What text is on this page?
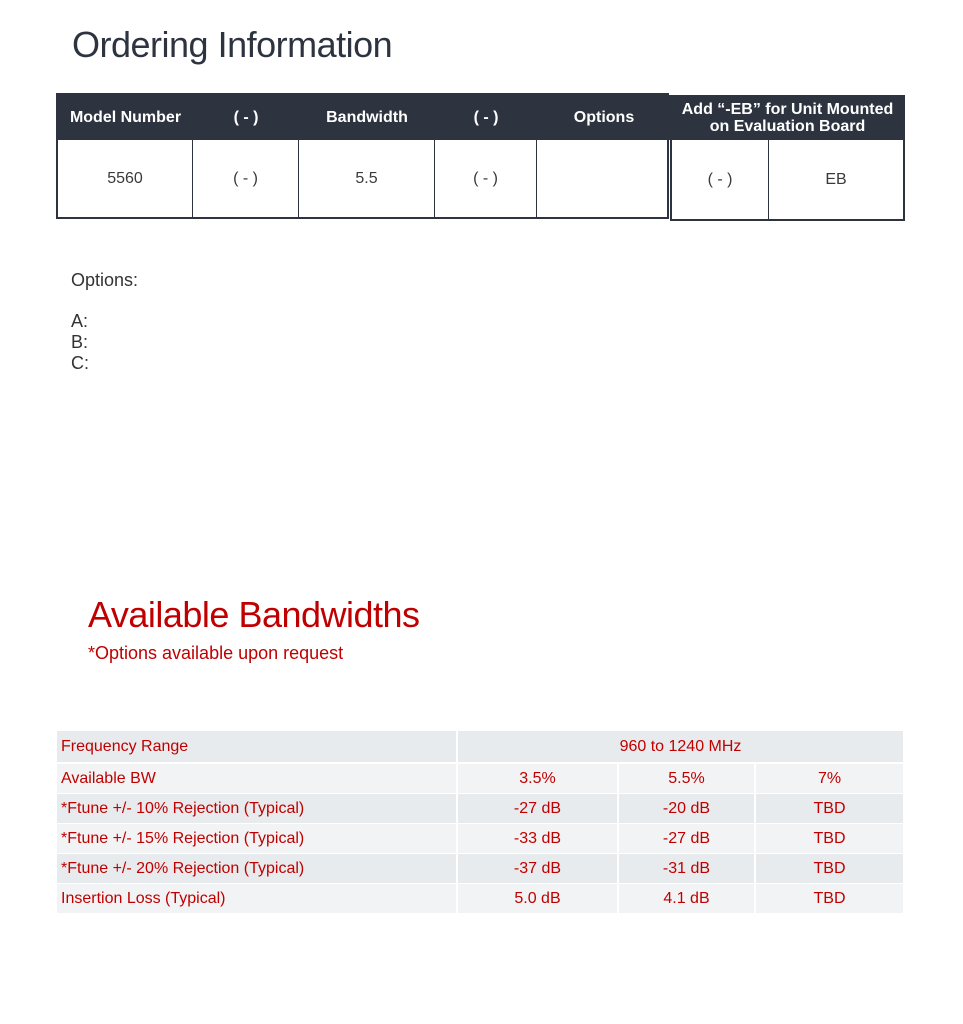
Ordering Information
Model Number	( - )	Bandwidth	( - )	Options
5560	( - )	5.5	( - )
Add “-EB” for Unit Mounted on Evaluation Board
( - )	EB
Options:
A:
B:
C:
Available Bandwidths
*Options available upon request
Frequency Range	960 to 1240 MHz
Available BW	3.5%	5.5%	7%
*Ftune +/- 10% Rejection (Typical)	-27 dB	-20 dB	TBD
*Ftune +/- 15% Rejection (Typical)	-33 dB	-27 dB	TBD
*Ftune +/- 20% Rejection (Typical)	-37 dB	-31 dB	TBD
Insertion Loss (Typical)	5.0 dB	4.1 dB	TBD
